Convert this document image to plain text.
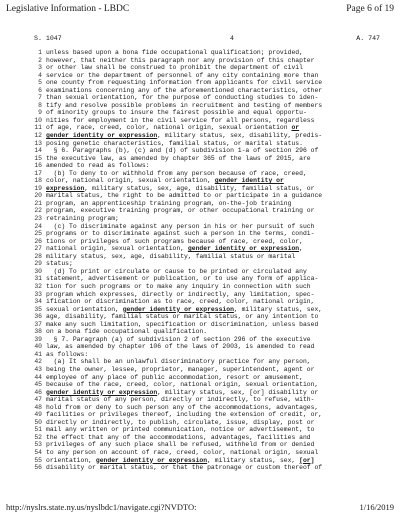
Legislative Information - LBDC	Page 6 of 19
S. 1047	4	A. 747
1 unless based upon a bona fide occupational qualification; provided,
2 however, that neither this paragraph nor any provision of this chapter
3 or other law shall be construed to prohibit the department of civil
4 service or the department of personnel of any city containing more than
5 one county from requesting information from applicants for civil service
6 examinations concerning any of the aforementioned characteristics, other
7 than sexual orientation, for the purpose of conducting studies to iden-
8 tify and resolve possible problems in recruitment and testing of members
9 of minority groups to insure the fairest possible and equal opportu-
10 nities for employment in the civil service for all persons, regardless
11 of age, race, creed, color, national origin, sexual orientation or
12 gender identity or expression, military status, sex, disability, predis-
13 posing genetic characteristics, familial status, or marital status.
14 § 6. Paragraphs (b), (c) and (d) of subdivision 1-a of section 296 of
15 the executive law, as amended by chapter 365 of the laws of 2015, are
16 amended to read as follows:
17 (b) To deny to or withhold from any person because of race, creed,
18 color, national origin, sexual orientation, gender identity or
19 expression, military status, sex, age, disability, familial status, or
20 marital status, the right to be admitted to or participate in a guidance
21 program, an apprenticeship training program, on-the-job training
22 program, executive training program, or other occupational training or
23 retraining program;
24 (c) To discriminate against any person in his or her pursuit of such
25 programs or to discriminate against such a person in the terms, condi-
26 tions or privileges of such programs because of race, creed, color,
27 national origin, sexual orientation, gender identity or expression,
28 military status, sex, age, disability, familial status or marital
29 status;
30 (d) To print or circulate or cause to be printed or circulated any
31 statement, advertisement or publication, or to use any form of applica-
32 tion for such programs or to make any inquiry in connection with such
33 program which expresses, directly or indirectly, any limitation, spec-
34 ification or discrimination as to race, creed, color, national origin,
35 sexual orientation, gender identity or expression, military status, sex,
36 age, disability, familial status or marital status, or any intention to
37 make any such limitation, specification or discrimination, unless based
38 on a bona fide occupational qualification.
39 § 7. Paragraph (a) of subdivision 2 of section 296 of the executive
40 law, as amended by chapter 106 of the laws of 2003, is amended to read
41 as follows:
42 (a) It shall be an unlawful discriminatory practice for any person,
43 being the owner, lessee, proprietor, manager, superintendent, agent or
44 employee of any place of public accommodation, resort or amusement,
45 because of the race, creed, color, national origin, sexual orientation,
46 gender identity or expression, military status, sex, [or] disability or
47 marital status of any person, directly or indirectly, to refuse, with-
48 hold from or deny to such person any of the accommodations, advantages,
49 facilities or privileges thereof, including the extension of credit, or,
50 directly or indirectly, to publish, circulate, issue, display, post or
51 mail any written or printed communication, notice or advertisement, to
52 the effect that any of the accommodations, advantages, facilities and
53 privileges of any such place shall be refused, withheld from or denied
54 to any person on account of race, creed, color, national origin, sexual
55 orientation, gender identity or expression, military status, sex, [or]
56 disability or marital status, or that the patronage or custom thereof of
http://nyslrs.state.ny.us/nyslbdc1/navigate.cgi?NVDTO:	1/16/2019
